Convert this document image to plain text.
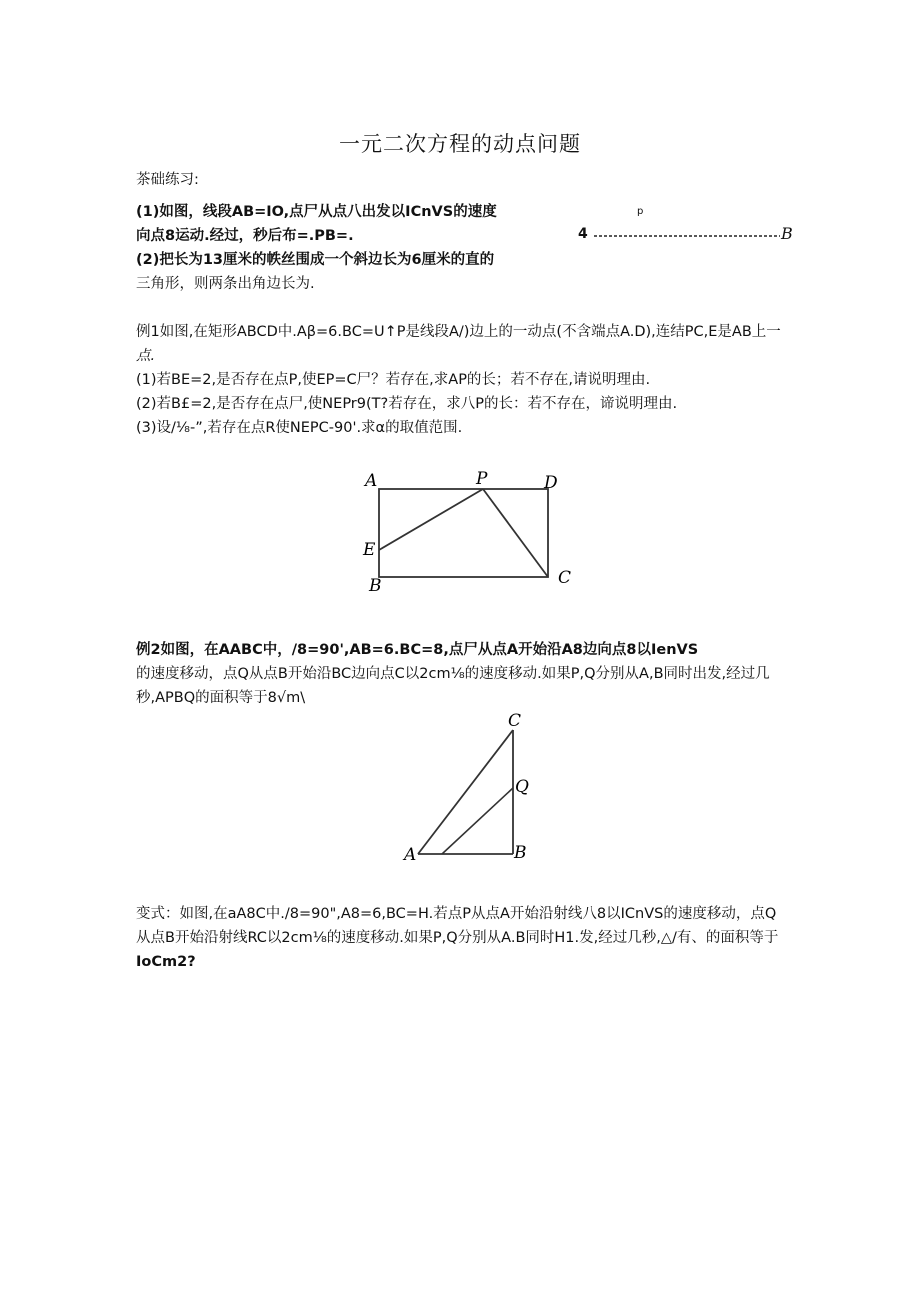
一元二次方程的动点问题
茶础练习:
(1)如图，线段AB=IO,点尸从点八出发以ICnVS的速度
向点8运动.经过，秒后布=.PB=.
(2)把长为13厘米的帙丝围成一个斜边长为6厘米的直的
三角形，则两条出角边长为.
p
4	B
例1如图,在矩形ABCD中.Aβ=6.BC=U↑P是线段A/)边上的一动点(不含端点A.D),连结PC,E是AB上一
点.
(1)若BE=2,是否存在点P,使EP=C尸？若存在,求AP的长；若不存在,请说明理由.
(2)若B£=2,是否存在点尸,使NEPr9(T?若存在，求八P的长：若不存在，谛说明理由.
(3)设/⅛-”,若存在点R使NEPC-90'.求α的取值范围.
A	P	D
E
B	C
例2如图，在AABC中，/8=90',AB=6.BC=8,点尸从点A开始沿A8边向点8以IenVS
的速度移动，点Q从点B开始沿BC边向点C以2cm⅛的速度移动.如果P,Q分别从A,B同时出发,经过几
秒,APBQ的面积等于8√m\
C
Q
A	B
变式：如图,在aA8C中./8=90",A8=6,BC=H.若点P从点A开始沿射线八8以ICnVS的速度移动，点Q
从点B开始沿射线RC以2cm⅛的速度移动.如果P,Q分别从A.B同时H1.发,经过几秒,△/有、的面积等于
IoCm2?
